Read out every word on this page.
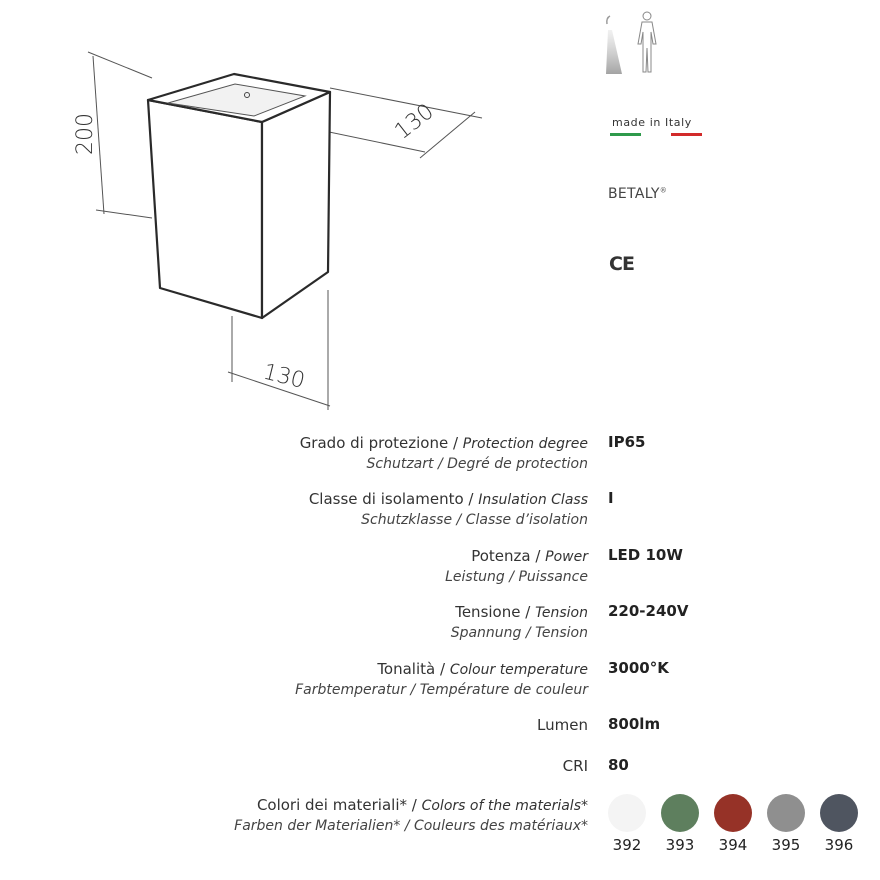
200	130
130
made in Italy
BETALY®
CE
Grado di protezione / Protection degree
Schutzart / Degré de protection
IP65
Classe di isolamento / Insulation Class
Schutzklasse / Classe d’isolation
I
Potenza / Power
Leistung / Puissance
LED 10W
Tensione / Tension
Spannung / Tension
220-240V
Tonalità / Colour temperature
Farbtemperatur / Température de couleur
3000°K
Lumen 800lm
CRI 80
Colori dei materiali* / Colors of the materials*
Farben der Materialien* / Couleurs des matériaux*
392	393	394	395	396
